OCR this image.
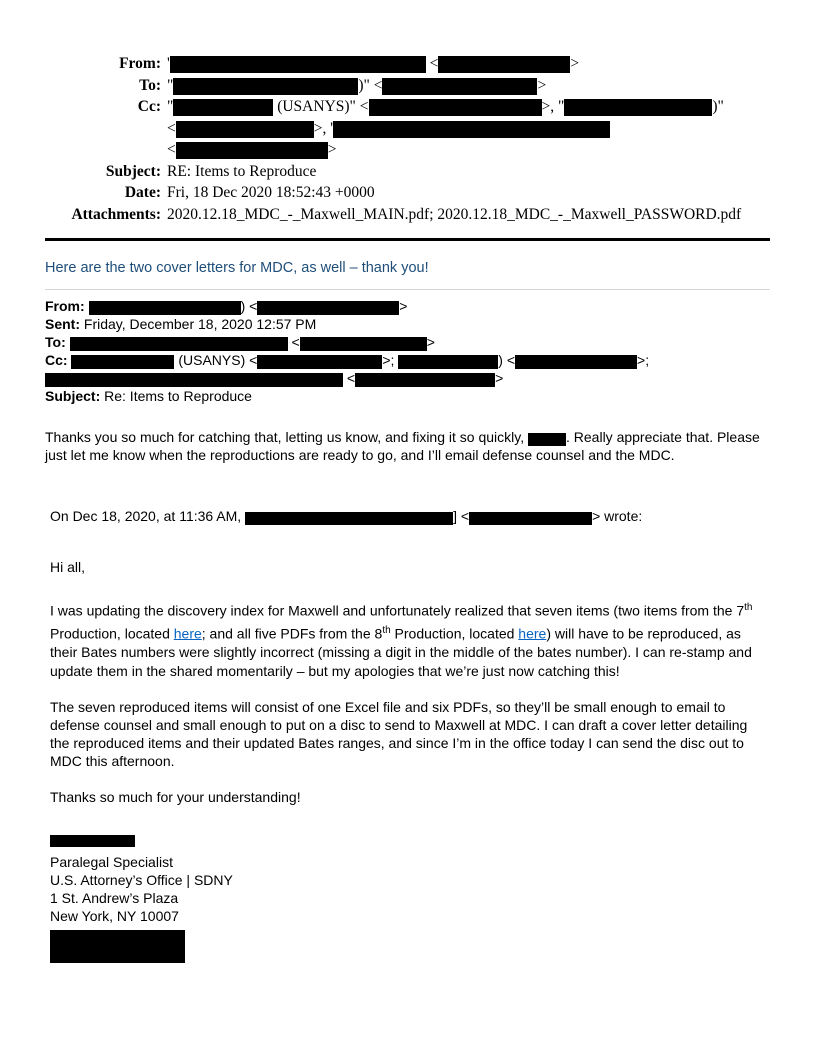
From: '	<	>
To: "	)" <	>
Cc: "	(USANYS)" <	>, "	)"
<	>, '
<	>
Subject: RE: Items to Reproduce
Date: Fri, 18 Dec 2020 18:52:43 +0000
Attachments: 2020.12.18_MDC_-_Maxwell_MAIN.pdf; 2020.12.18_MDC_-_Maxwell_PASSWORD.pdf
Here are the two cover letters for MDC, as well – thank you!
From:	) <	>
Sent: Friday, December 18, 2020 12:57 PM
To:	<	>
Cc:	(USANYS) <	>;	) <	>;  <	>
Subject: Re: Items to Reproduce

Thanks you so much for catching that, letting us know, and fixing it so quickly,	. Really appreciate that. Please just let me know when the reproductions are ready to go, and I’ll email defense counsel and the MDC.

On Dec 18, 2020, at 11:36 AM,	] <	> wrote:

Hi all,

I was updating the discovery index for Maxwell and unfortunately realized that seven items (two items from the 7th Production, located here; and all five PDFs from the 8th Production, located here) will have to be reproduced, as their Bates numbers were slightly incorrect (missing a digit in the middle of the bates number). I can re-stamp and update them in the shared momentarily – but my apologies that we’re just now catching this!

The seven reproduced items will consist of one Excel file and six PDFs, so they’ll be small enough to email to defense counsel and small enough to put on a disc to send to Maxwell at MDC. I can draft a cover letter detailing the reproduced items and their updated Bates ranges, and since I’m in the office today I can send the disc out to MDC this afternoon.

Thanks so much for your understanding!

Paralegal Specialist
U.S. Attorney’s Office | SDNY
1 St. Andrew’s Plaza
New York, NY 10007
